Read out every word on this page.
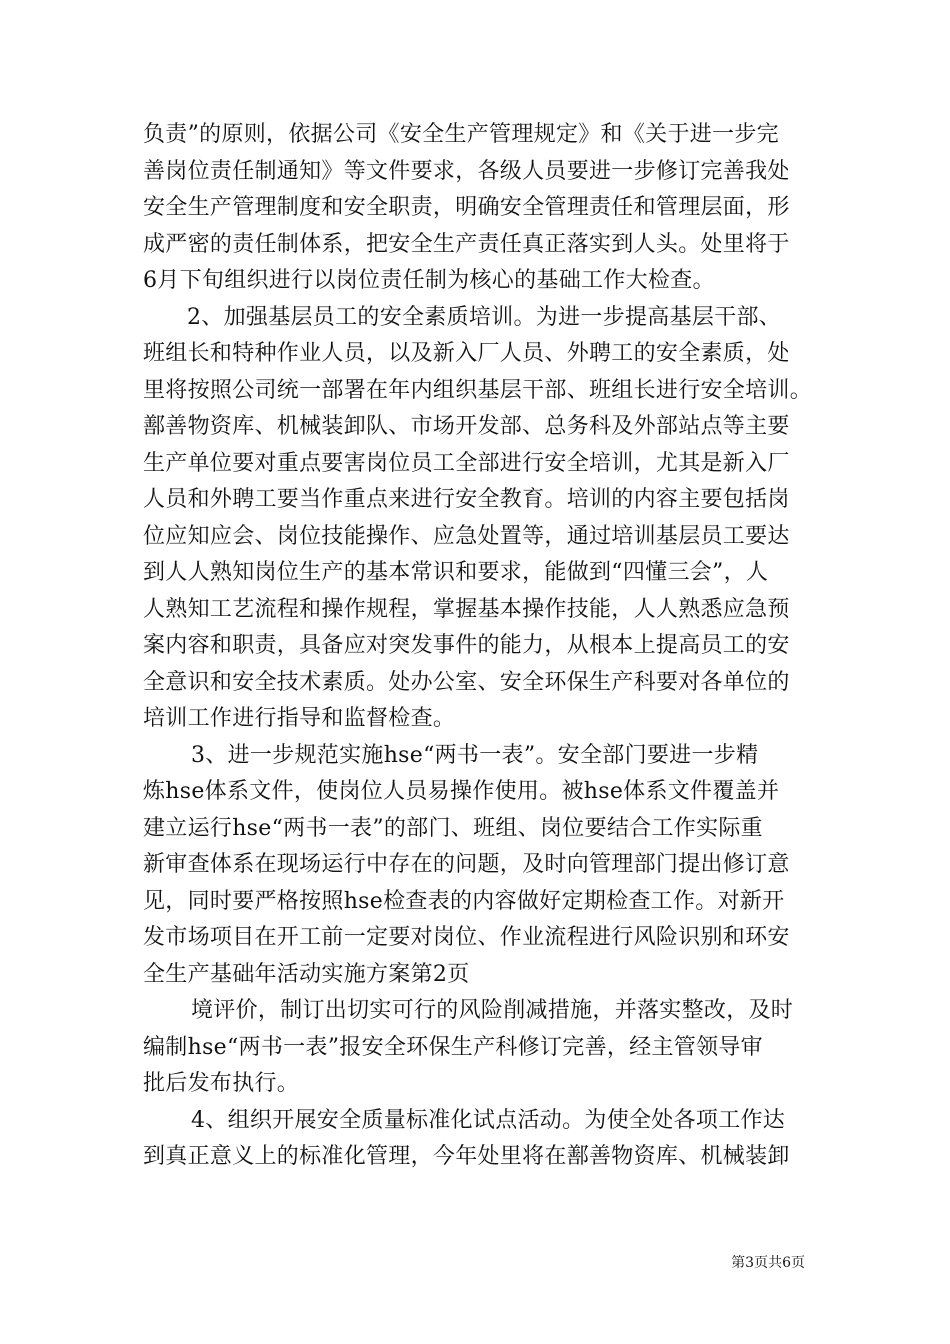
负责”的原则，依据公司《安全生产管理规定》和《关于进一步完
善岗位责任制通知》等文件要求，各级人员要进一步修订完善我处
安全生产管理制度和安全职责，明确安全管理责任和管理层面，形
成严密的责任制体系，把安全生产责任真正落实到人头。处里将于
6月下旬组织进行以岗位责任制为核心的基础工作大检查。
2、加强基层员工的安全素质培训。为进一步提高基层干部、
班组长和特种作业人员，以及新入厂人员、外聘工的安全素质，处
里将按照公司统一部署在年内组织基层干部、班组长进行安全培训。
鄯善物资库、机械装卸队、市场开发部、总务科及外部站点等主要
生产单位要对重点要害岗位员工全部进行安全培训，尤其是新入厂
人员和外聘工要当作重点来进行安全教育。培训的内容主要包括岗
位应知应会、岗位技能操作、应急处置等，通过培训基层员工要达
到人人熟知岗位生产的基本常识和要求，能做到“四懂三会”，人
人熟知工艺流程和操作规程，掌握基本操作技能，人人熟悉应急预
案内容和职责，具备应对突发事件的能力，从根本上提高员工的安
全意识和安全技术素质。处办公室、安全环保生产科要对各单位的
培训工作进行指导和监督检查。
3、进一步规范实施hse“两书一表”。安全部门要进一步精
炼hse体系文件，使岗位人员易操作使用。被hse体系文件覆盖并
建立运行hse“两书一表”的部门、班组、岗位要结合工作实际重
新审查体系在现场运行中存在的问题，及时向管理部门提出修订意
见，同时要严格按照hse检查表的内容做好定期检查工作。对新开
发市场项目在开工前一定要对岗位、作业流程进行风险识别和环安
全生产基础年活动实施方案第2页
境评价，制订出切实可行的风险削减措施，并落实整改，及时
编制hse“两书一表”报安全环保生产科修订完善，经主管领导审
批后发布执行。
4、组织开展安全质量标准化试点活动。为使全处各项工作达
到真正意义上的标准化管理，今年处里将在鄯善物资库、机械装卸
第3页共6页
